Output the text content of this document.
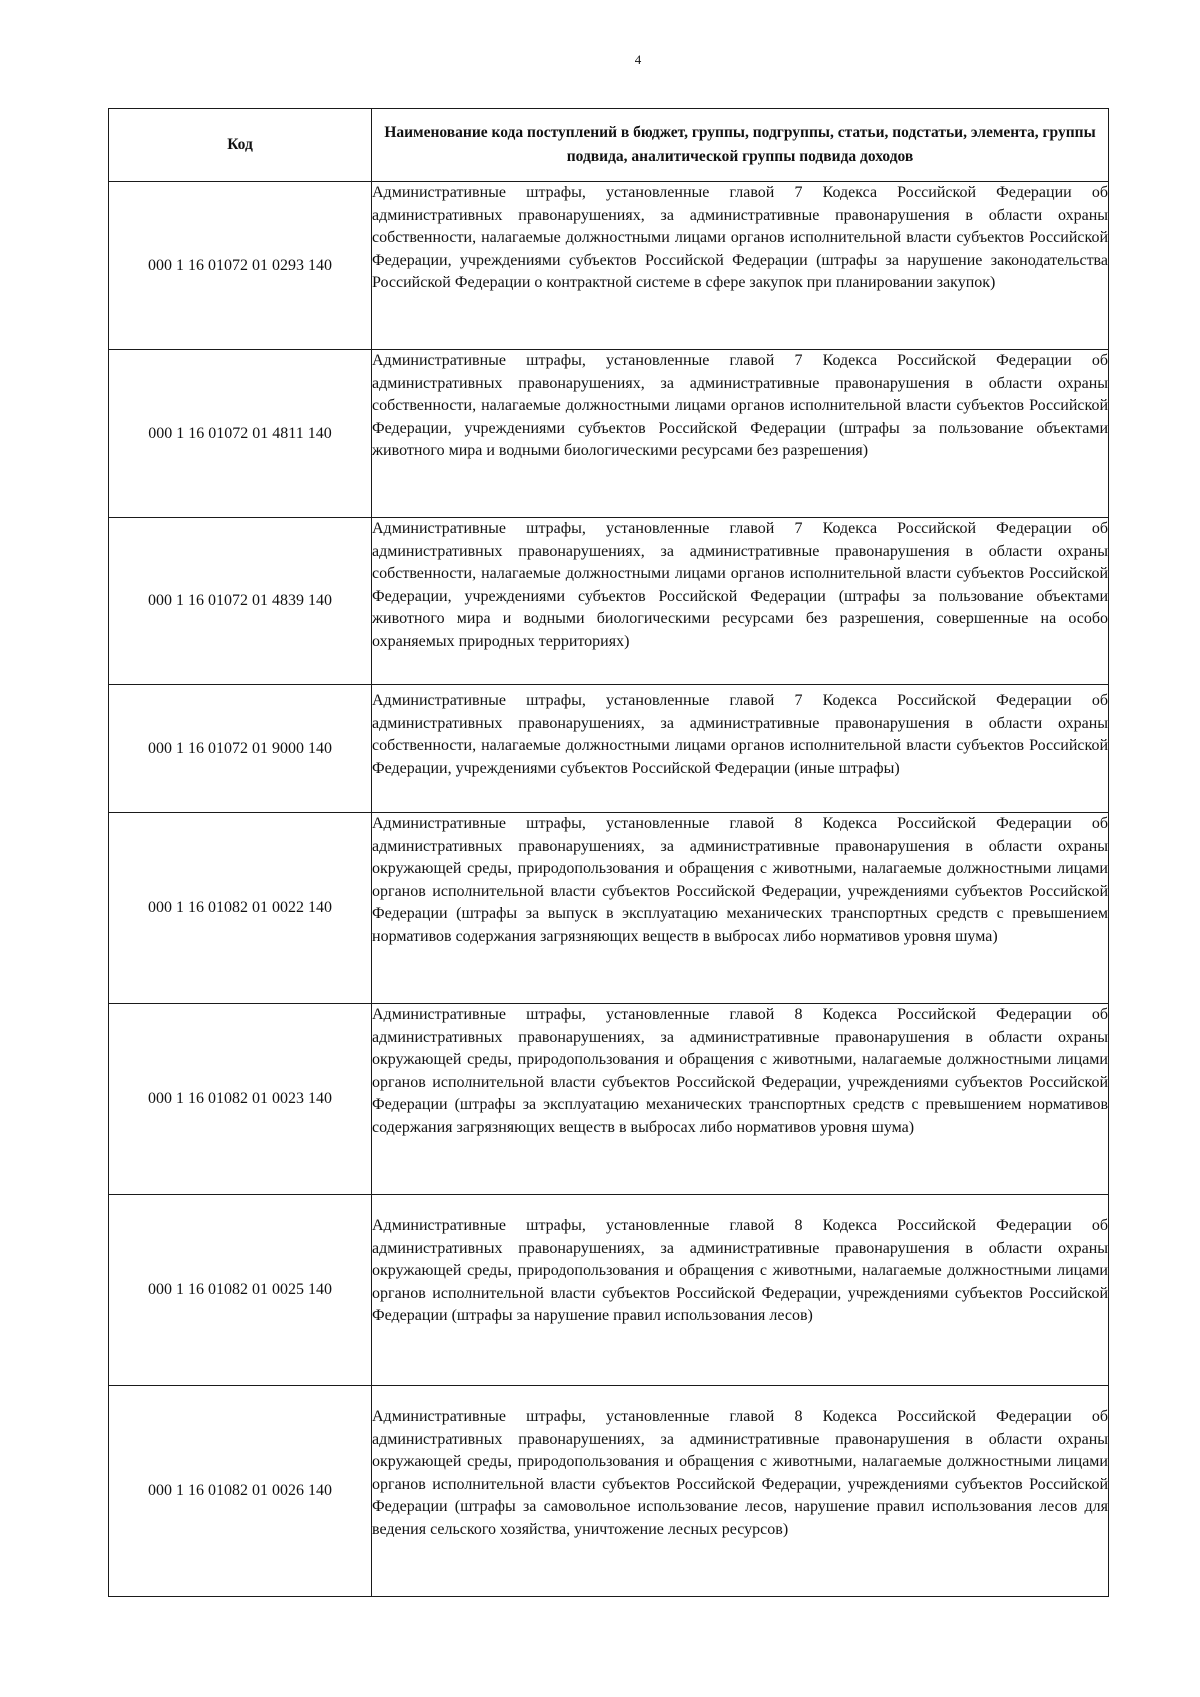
4
Код	Наименование кода поступлений в бюджет, группы, подгруппы, статьи, подстатьи, элемента, группы подвида, аналитической группы подвида доходов
000 1 16 01072 01 0293 140	Административные штрафы, установленные главой 7 Кодекса Российской Федерации об административных правонарушениях, за административные правонарушения в области охраны собственности, налагаемые должностными лицами органов исполнительной власти субъектов Российской Федерации, учреждениями субъектов Российской Федерации (штрафы за нарушение законодательства Российской Федерации о контрактной системе в сфере закупок при планировании закупок)
000 1 16 01072 01 4811 140	Административные штрафы, установленные главой 7 Кодекса Российской Федерации об административных правонарушениях, за административные правонарушения в области охраны собственности, налагаемые должностными лицами органов исполнительной власти субъектов Российской Федерации, учреждениями субъектов Российской Федерации (штрафы за пользование объектами животного мира и водными биологическими ресурсами без разрешения)
000 1 16 01072 01 4839 140	Административные штрафы, установленные главой 7 Кодекса Российской Федерации об административных правонарушениях, за административные правонарушения в области охраны собственности, налагаемые должностными лицами органов исполнительной власти субъектов Российской Федерации, учреждениями субъектов Российской Федерации (штрафы за пользование объектами животного мира и водными биологическими ресурсами без разрешения, совершенные на особо охраняемых природных территориях)
000 1 16 01072 01 9000 140	Административные штрафы, установленные главой 7 Кодекса Российской Федерации об административных правонарушениях, за административные правонарушения в области охраны собственности, налагаемые должностными лицами органов исполнительной власти субъектов Российской Федерации, учреждениями субъектов Российской Федерации (иные штрафы)
000 1 16 01082 01 0022 140	Административные штрафы, установленные главой 8 Кодекса Российской Федерации об административных правонарушениях, за административные правонарушения в области охраны окружающей среды, природопользования и обращения с животными, налагаемые должностными лицами органов исполнительной власти субъектов Российской Федерации, учреждениями субъектов Российской Федерации (штрафы за выпуск в эксплуатацию механических транспортных средств с превышением нормативов содержания загрязняющих веществ в выбросах либо нормативов уровня шума)
000 1 16 01082 01 0023 140	Административные штрафы, установленные главой 8 Кодекса Российской Федерации об административных правонарушениях, за административные правонарушения в области охраны окружающей среды, природопользования и обращения с животными, налагаемые должностными лицами органов исполнительной власти субъектов Российской Федерации, учреждениями субъектов Российской Федерации (штрафы за эксплуатацию механических транспортных средств с превышением нормативов содержания загрязняющих веществ в выбросах либо нормативов уровня шума)
000 1 16 01082 01 0025 140	Административные штрафы, установленные главой 8 Кодекса Российской Федерации об административных правонарушениях, за административные правонарушения в области охраны окружающей среды, природопользования и обращения с животными, налагаемые должностными лицами органов исполнительной власти субъектов Российской Федерации, учреждениями субъектов Российской Федерации (штрафы за нарушение правил использования лесов)
000 1 16 01082 01 0026 140	Административные штрафы, установленные главой 8 Кодекса Российской Федерации об административных правонарушениях, за административные правонарушения в области охраны окружающей среды, природопользования и обращения с животными, налагаемые должностными лицами органов исполнительной власти субъектов Российской Федерации, учреждениями субъектов Российской Федерации (штрафы за самовольное использование лесов, нарушение правил использования лесов для ведения сельского хозяйства, уничтожение лесных ресурсов)
